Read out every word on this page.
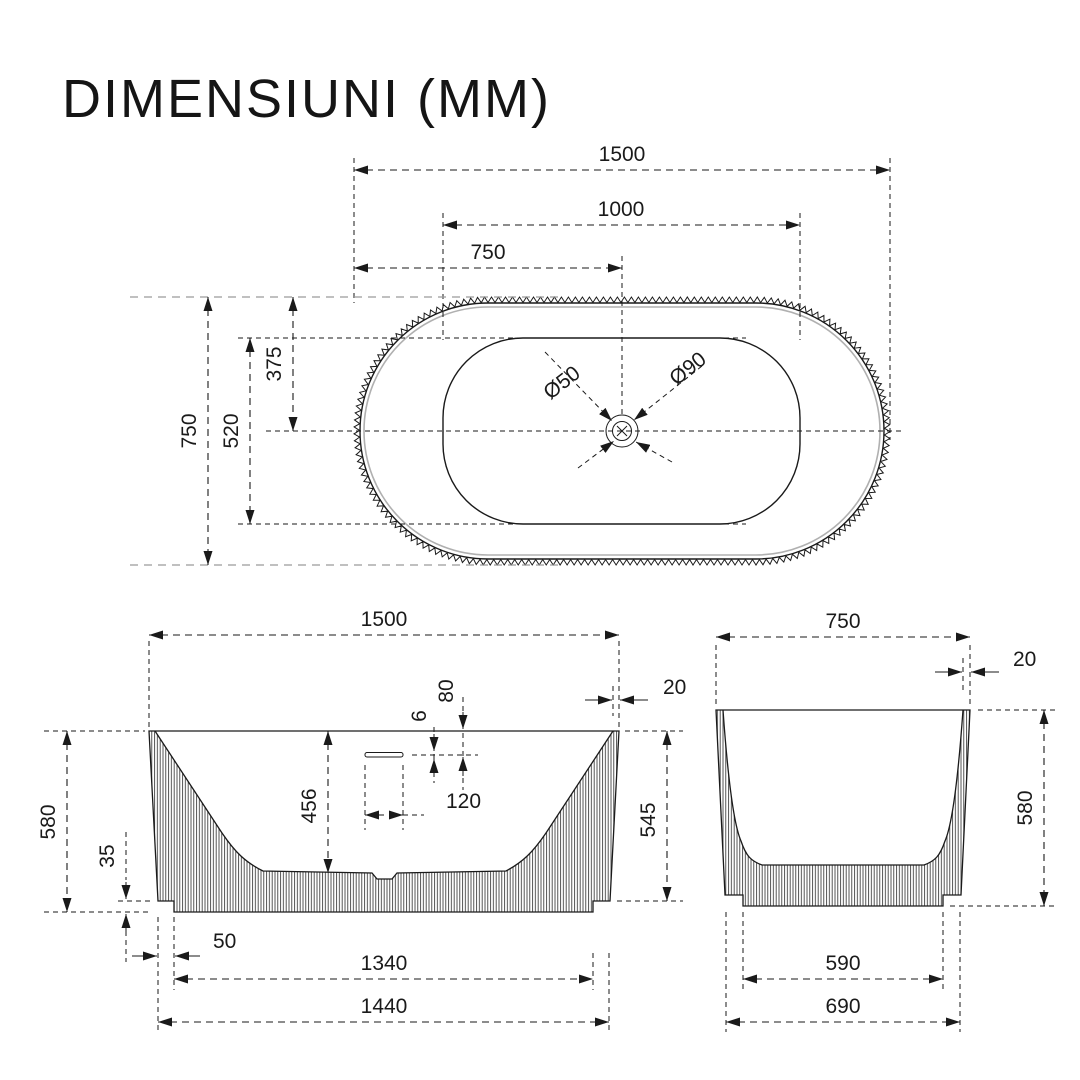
DIMENSIUNI (MM)
1500
1000
750
750 520
375	Ø50	Ø90
1500
20
80
6
120
456
580
35
545
50
1340
1440
750
20
580
590
690
